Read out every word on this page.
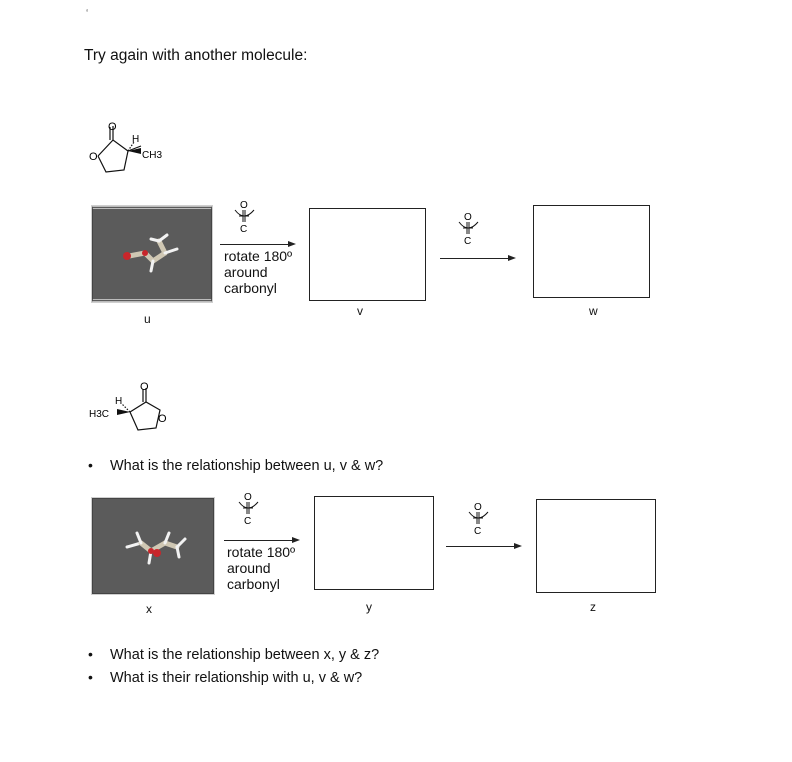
‘
Try again with another molecule:
O
O
H
CH3
u
O
C
rotate 180º
around
carbonyl
v
O
C
w
O
O
H
H3C
• What is the relationship between u, v & w?
x
O
C
rotate 180º
around
carbonyl
y
O
C
z
• What is the relationship between x, y & z?
• What is their relationship with u, v & w?
